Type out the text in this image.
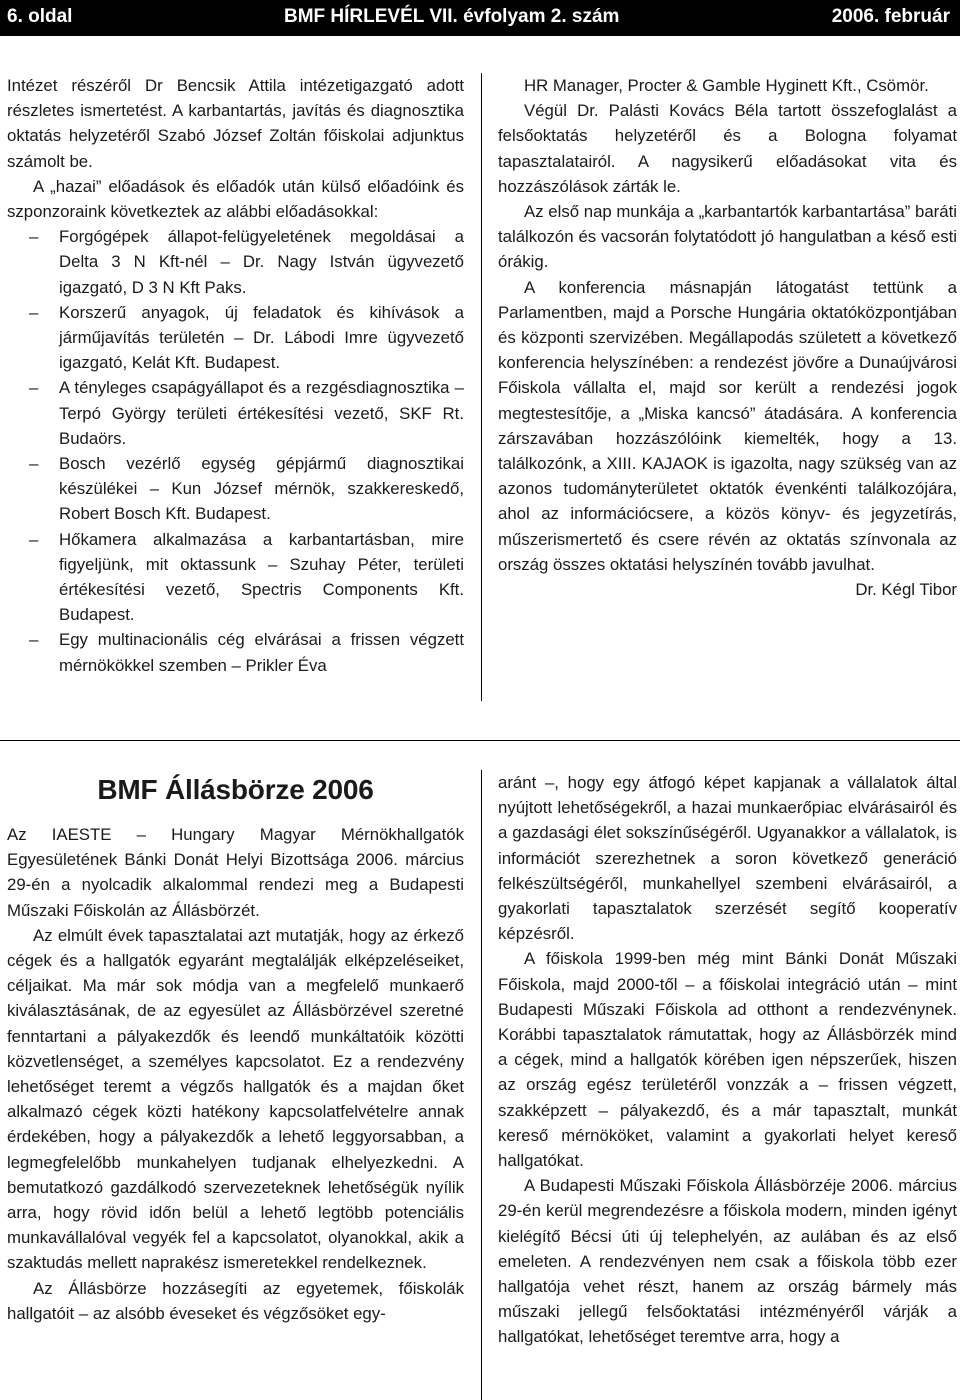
6. oldal	BMF HÍRLEVÉL VII. évfolyam 2. szám	2006. február

Intézet részéről Dr Bencsik Attila intézetigazgató adott részletes ismertetést. A karbantartás, javítás és diagnosztika oktatás helyzetéről Szabó József Zoltán főiskolai adjunktus számolt be.

A „hazai” előadások és előadók után külső előadóink és szponzoraink következtek az alábbi előadásokkal:

–	Forgógépek állapot-felügyeletének megoldásai a Delta 3 N Kft-nél – Dr. Nagy István ügyvezető igazgató, D 3 N Kft Paks.
–	Korszerű anyagok, új feladatok és kihívások a járműjavítás területén – Dr. Lábodi Imre ügyvezető igazgató, Kelát Kft. Budapest.
–	A tényleges csapágyállapot és a rezgésdiagnosztika – Terpó György területi értékesítési vezető, SKF Rt. Budaörs.
–	Bosch vezérlő egység gépjármű diagnosztikai készülékei – Kun József mérnök, szakkereskedő, Robert Bosch Kft. Budapest.
–	Hőkamera alkalmazása a karbantartásban, mire figyeljünk, mit oktassunk – Szuhay Péter, területi értékesítési vezető, Spectris Components Kft. Budapest.
–	Egy multinacionális cég elvárásai a frissen végzett mérnökökkel szemben – Prikler Éva

HR Manager, Procter & Gamble Hyginett Kft., Csömör.

Végül Dr. Palásti Kovács Béla tartott összefoglalást a felsőoktatás helyzetéről és a Bologna folyamat tapasztalatairól. A nagysikerű előadásokat vita és hozzászólások zárták le.

Az első nap munkája a „karbantartók karbantartása” baráti találkozón és vacsorán folytatódott jó hangulatban a késő esti órákig.

A konferencia másnapján látogatást tettünk a Parlamentben, majd a Porsche Hungária oktatóközpontjában és központi szervizében. Megállapodás született a következő konferencia helyszínében: a rendezést jövőre a Dunaújvárosi Főiskola vállalta el, majd sor került a rendezési jogok megtestesítője, a „Miska kancsó” átadására. A konferencia zárszavában hozzászólóink kiemelték, hogy a 13. találkozónk, a XIII. KAJAOK is igazolta, nagy szükség van az azonos tudományterületet oktatók évenkénti találkozójára, ahol az információcsere, a közös könyv- és jegyzetírás, műszerismertető és csere révén az oktatás színvonala az ország összes oktatási helyszínén tovább javulhat.

Dr. Kégl Tibor

BMF Állásbörze 2006

Az IAESTE – Hungary Magyar Mérnökhallgatók Egyesületének Bánki Donát Helyi Bizottsága 2006. március 29-én a nyolcadik alkalommal rendezi meg a Budapesti Műszaki Főiskolán az Állásbörzét.

Az elmúlt évek tapasztalatai azt mutatják, hogy az érkező cégek és a hallgatók egyaránt megtalálják elképzeléseiket, céljaikat. Ma már sok módja van a megfelelő munkaerő kiválasztásának, de az egyesület az Állásbörzével szeretné fenntartani a pályakezdők és leendő munkáltatóik közötti közvetlenséget, a személyes kapcsolatot. Ez a rendezvény lehetőséget teremt a végzős hallgatók és a majdan őket alkalmazó cégek közti hatékony kapcsolatfelvételre annak érdekében, hogy a pályakezdők a lehető leggyorsabban, a legmegfelelőbb munkahelyen tudjanak elhelyezkedni. A bemutatkozó gazdálkodó szervezeteknek lehetőségük nyílik arra, hogy rövid időn belül a lehető legtöbb potenciális munkavállalóval vegyék fel a kapcsolatot, olyanokkal, akik a szaktudás mellett naprakész ismeretekkel rendelkeznek.

Az Állásbörze hozzásegíti az egyetemek, főiskolák hallgatóit – az alsóbb éveseket és végzősöket egy-

aránt –, hogy egy átfogó képet kapjanak a vállalatok által nyújtott lehetőségekről, a hazai munkaerőpiac elvárásairól és a gazdasági élet sokszínűségéről. Ugyanakkor a vállalatok, is információt szerezhetnek a soron következő generáció felkészültségéről, munkahellyel szembeni elvárásairól, a gyakorlati tapasztalatok szerzését segítő kooperatív képzésről.

A főiskola 1999-ben még mint Bánki Donát Műszaki Főiskola, majd 2000-től – a főiskolai integráció után – mint Budapesti Műszaki Főiskola ad otthont a rendezvénynek. Korábbi tapasztalatok rámutattak, hogy az Állásbörzék mind a cégek, mind a hallgatók körében igen népszerűek, hiszen az ország egész területéről vonzzák a – frissen végzett, szakképzett – pályakezdő, és a már tapasztalt, munkát kereső mérnököket, valamint a gyakorlati helyet kereső hallgatókat.

A Budapesti Műszaki Főiskola Állásbörzéje 2006. március 29-én kerül megrendezésre a főiskola modern, minden igényt kielégítő Bécsi úti új telephelyén, az aulában és az első emeleten. A rendezvényen nem csak a főiskola több ezer hallgatója vehet részt, hanem az ország bármely más műszaki jellegű felsőoktatási intézményéről várják a hallgatókat, lehetőséget teremtve arra, hogy a
